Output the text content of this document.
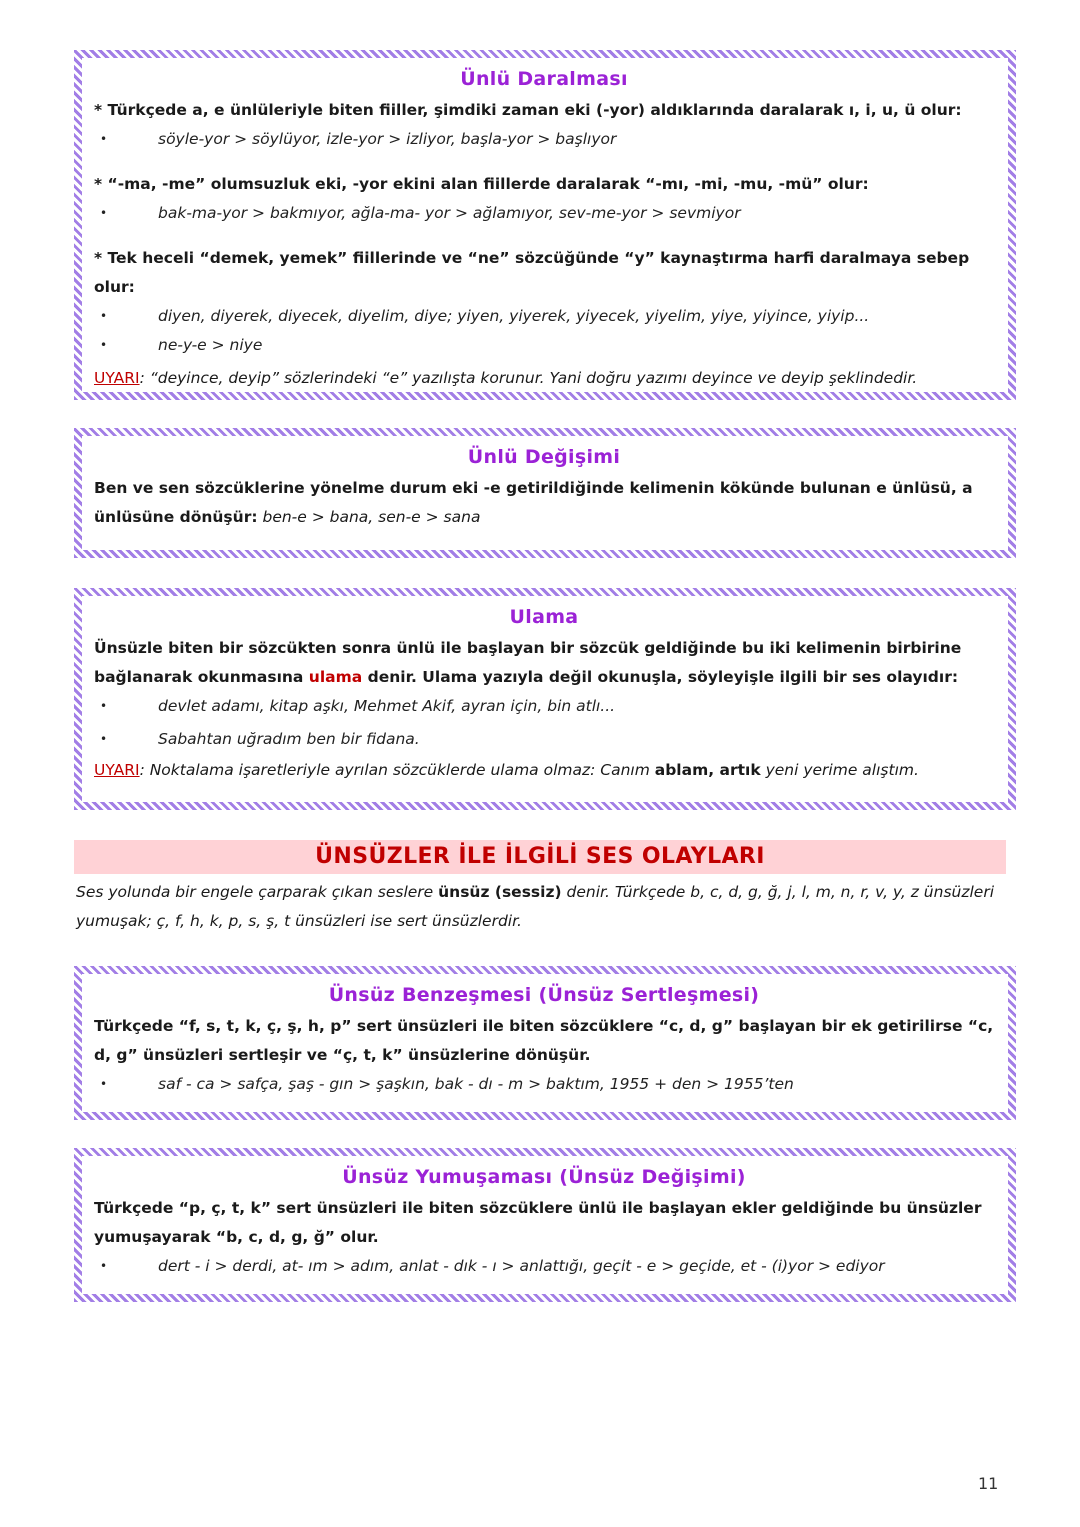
Ünlü Daralması

* Türkçede a, e ünlüleriyle biten fiiller, şimdiki zaman eki (-yor) aldıklarında daralarak ı, i, u, ü olur:

• söyle-yor > söylüyor, izle-yor > izliyor, başla-yor > başlıyor

* “-ma, -me” olumsuzluk eki, -yor ekini alan fiillerde daralarak “-mı, -mi, -mu, -mü” olur:

• bak-ma-yor > bakmıyor, ağla-ma- yor > ağlamıyor, sev-me-yor > sevmiyor

* Tek heceli “demek, yemek” fiillerinde ve “ne” sözcüğünde “y” kaynaştırma harfi daralmaya sebep olur:

• diyen, diyerek, diyecek, diyelim, diye; yiyen, yiyerek, yiyecek, yiyelim, yiye, yiyince, yiyip...

• ne-y-e > niye

UYARI: “deyince, deyip” sözlerindeki “e” yazılışta korunur. Yani doğru yazımı deyince ve deyip şeklindedir.

Ünlü Değişimi

Ben ve sen sözcüklerine yönelme durum eki -e getirildiğinde kelimenin kökünde bulunan e ünlüsü, a ünlüsüne dönüşür: ben-e > bana, sen-e > sana

Ulama

Ünsüzle biten bir sözcükten sonra ünlü ile başlayan bir sözcük geldiğinde bu iki kelimenin birbirine bağlanarak okunmasına ulama denir. Ulama yazıyla değil okunuşla, söyleyişle ilgili bir ses olayıdır:

• devlet adamı, kitap aşkı, Mehmet Akif, ayran için, bin atlı...

• Sabahtan uğradım ben bir fidana.

UYARI: Noktalama işaretleriyle ayrılan sözcüklerde ulama olmaz: Canım ablam, artık yeni yerime alıştım.

ÜNSÜZLER İLE İLGİLİ SES OLAYLARI

Ses yolunda bir engele çarparak çıkan seslere ünsüz (sessiz) denir. Türkçede b, c, d, g, ğ, j, l, m, n, r, v, y, z ünsüzleri yumuşak; ç, f, h, k, p, s, ş, t ünsüzleri ise sert ünsüzlerdir.

Ünsüz Benzeşmesi (Ünsüz Sertleşmesi)

Türkçede “f, s, t, k, ç, ş, h, p” sert ünsüzleri ile biten sözcüklere “c, d, g” başlayan bir ek getirilirse “c, d, g” ünsüzleri sertleşir ve “ç, t, k” ünsüzlerine dönüşür.

• saf - ca > safça, şaş - gın > şaşkın, bak - dı - m > baktım, 1955 + den > 1955’ten

Ünsüz Yumuşaması (Ünsüz Değişimi)

Türkçede “p, ç, t, k” sert ünsüzleri ile biten sözcüklere ünlü ile başlayan ekler geldiğinde bu ünsüzler yumuşayarak “b, c, d, g, ğ” olur.

• dert - i > derdi, at- ım > adım, anlat - dık - ı > anlattığı, geçit - e > geçide, et - (i)yor > ediyor

11
